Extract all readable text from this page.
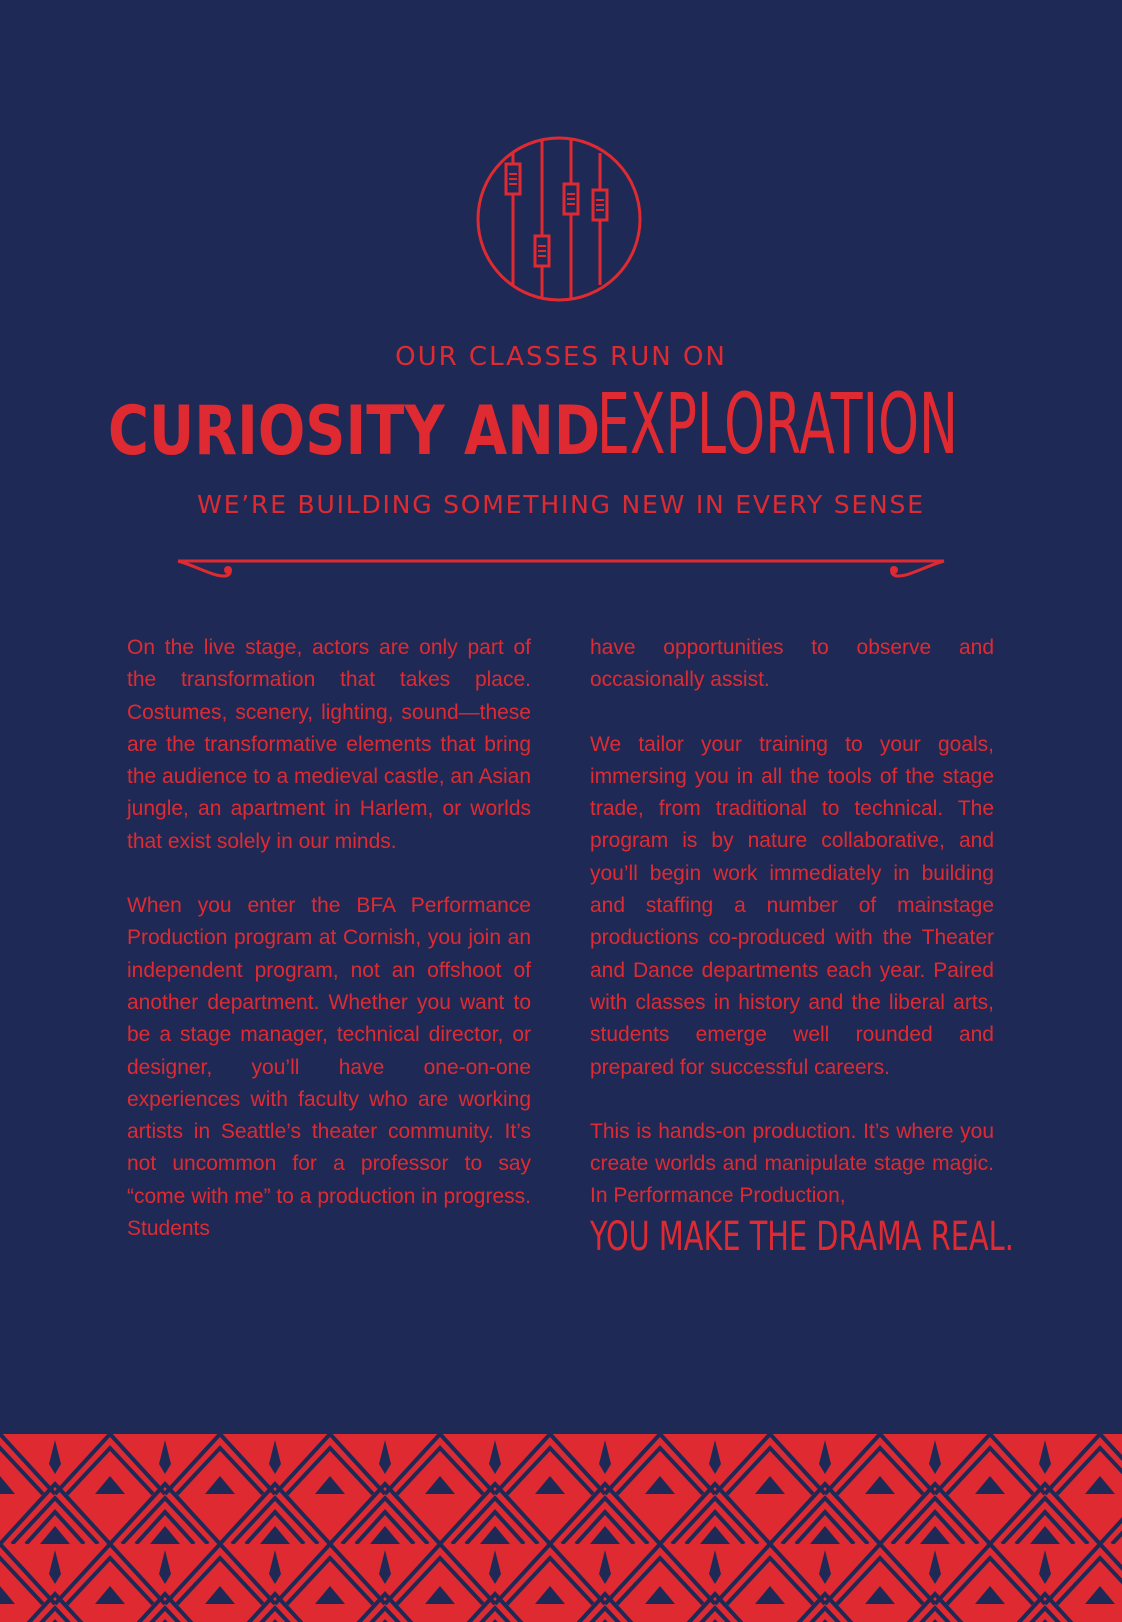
OUR CLASSES RUN ON
CURIOSITY AND EXPLORATION
WE’RE BUILDING SOMETHING NEW IN EVERY SENSE

On the live stage, actors are only part of the transformation that takes place. Costumes, scenery, lighting, sound—these are the transformative elements that bring the audience to a medieval castle, an Asian jungle, an apartment in Harlem, or worlds that exist solely in our minds.

When you enter the BFA Performance Production program at Cornish, you join an independent program, not an offshoot of another department. Whether you want to be a stage manager, technical director, or designer, you’ll have one-on-one experiences with faculty who are working artists in Seattle’s theater community. It’s not uncommon for a professor to say “come with me” to a production in progress. Students

have opportunities to observe and occasionally assist.

We tailor your training to your goals, immersing you in all the tools of the stage trade, from traditional to technical. The program is by nature collaborative, and you’ll begin work immediately in building and staffing a number of mainstage productions co-produced with the Theater and Dance departments each year. Paired with classes in history and the liberal arts, students emerge well rounded and prepared for successful careers.

This is hands-on production. It’s where you create worlds and manipulate stage magic. In Performance Production,

YOU MAKE THE DRAMA REAL.
